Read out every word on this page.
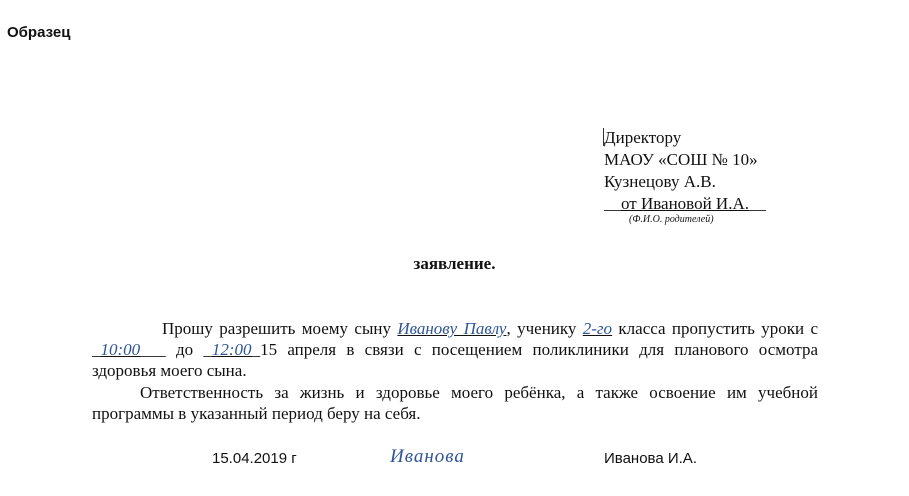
Образец
Директору
МАОУ «СОШ № 10»
Кузнецову А.В.
__от Ивановой И.А.__
(Ф.И.О. родителей)
заявление.
Прошу разрешить моему сыну Иванову Павлу, ученику 2-го класса пропустить уроки с _10:00___ до _12:00_15 апреля в связи с посещением поликлиники для планового осмотра здоровья моего сына.
Ответственность за жизнь и здоровье моего ребёнка, а также освоение им учебной программы в указанный период беру на себя.
15.04.2019 г	Иванова	Иванова И.А.
